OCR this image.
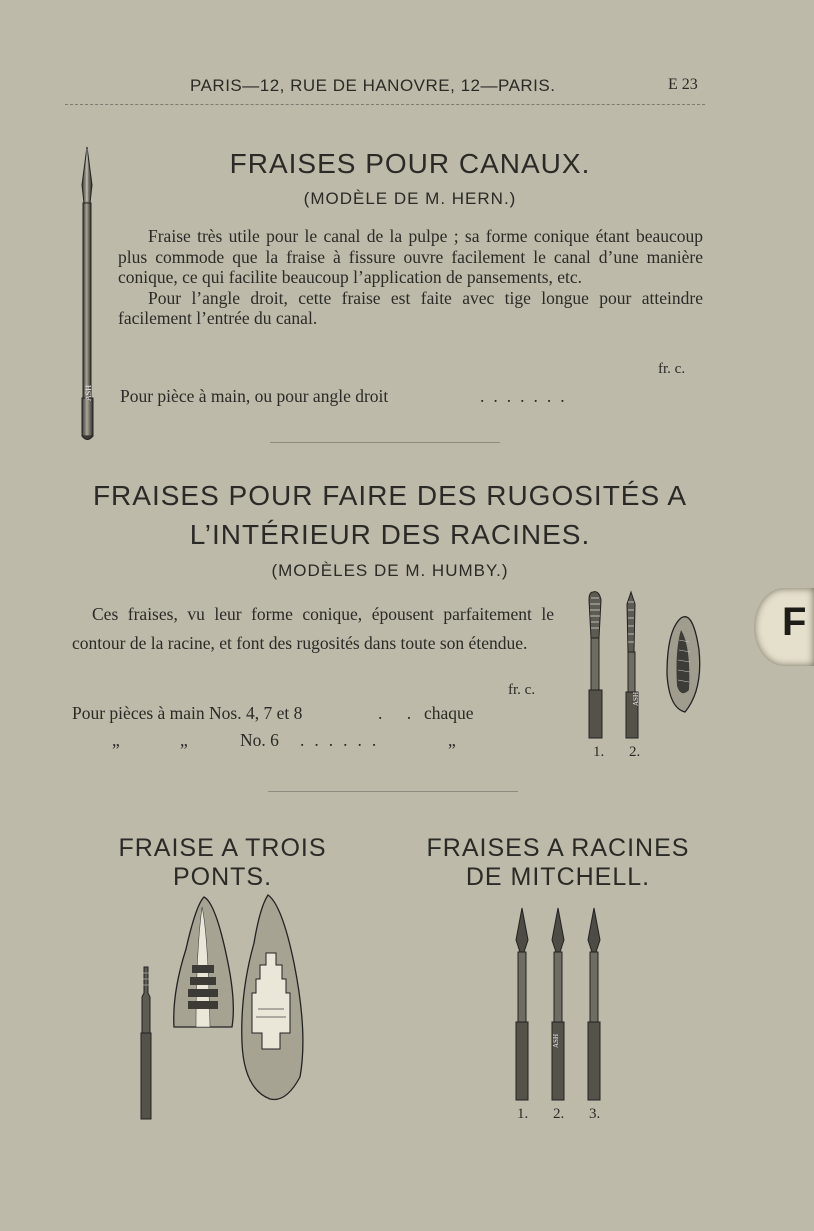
PARIS—12, RUE DE HANOVRE, 12—PARIS.	E 23
ASH
FRAISES POUR CANAUX.
(MODÈLE DE M. HERN.)

Fraise très utile pour le canal de la pulpe ; sa forme conique étant beaucoup plus commode que la fraise à fissure ouvre facilement le canal d’une manière conique, ce qui facilite beaucoup l’application de pansements, etc.

Pour l’angle droit, cette fraise est faite avec tige longue pour atteindre facilement l’entrée du canal.

fr. c.
Pour pièce à main, ou pour angle droit	.......
FRAISES POUR FAIRE DES RUGOSITÉS A
L’INTÉRIEUR DES RACINES.
(MODÈLES DE M. HUMBY.)

Ces fraises, vu leur forme conique, épousent parfaitement le contour de la racine, et font des rugosités dans toute son étendue.

fr. c.
Pour pièces à main Nos. 4, 7 et 8	. . chaque
„	„	No. 6 ......	„
ASH
1. 2.
FRAISE A TROIS
PONTS.
FRAISES A RACINES
DE MITCHELL.
ASH
1. 2. 3.
F
